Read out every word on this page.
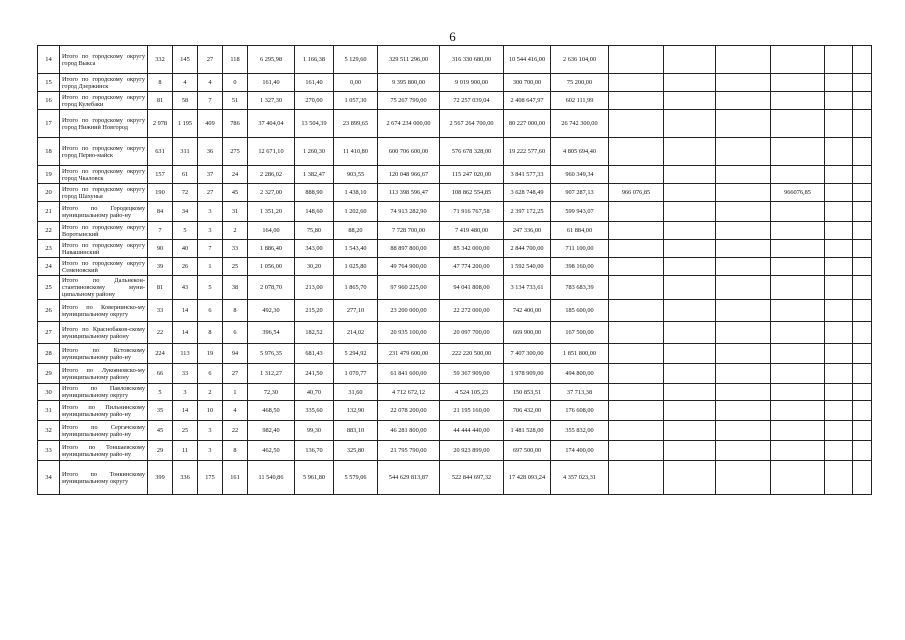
6
14	Итого по городскому округу город Выкса	332	145	27	118	6 295,98	1 166,38	5 129,60	329 511 296,00	316 330 680,00	10 544 416,00	2 636 104,00						
15	Итого по городскому округу город Дзержинск	8	4	4	0	161,40	161,40	0,00	9 395 800,00	9 019 900,00	300 700,00	75 200,00						
16	Итого по городскому округу город Кулебаки	81	58	7	51	1 327,30	270,00	1 057,30	75 267 799,00	72 257 039,04	2 408 647,97	602 111,99						
17	Итого по городскому округу город Нижний Новгород	2 978	1 195	409	786	37 404,04	13 504,39	23 899,65	2 674 234 000,00	2 567 264 700,00	80 227 000,00	26 742 300,00						
18	Итого по городскому округу город Перво-майск	631	311	36	275	12 671,10	1 260,30	11 410,80	600 706 600,00	576 678 328,00	19 222 577,60	4 805 694,40						
19	Итого по городскому округу город Чкаловск	157	61	37	24	2 286,02	1 382,47	903,55	120 048 966,67	115 247 020,00	3 841 577,33	960 349,34						
20	Итого по городскому округу город Шахунья	190	72	27	45	2 327,00	888,90	1 438,10	113 398 596,47	108 862 554,85	3 628 748,49	907 287,13	966 076,85			966076,85		
21	Итого по Городецкому муниципальному райо-ну	84	34	3	31	1 351,20	148,60	1 202,60	74 913 282,90	71 916 767,58	2 397 172,25	599 943,07						
22	Итого по городскому округу Воротынский	7	5	3	2	164,00	75,80	88,20	7 728 700,00	7 419 480,00	247 336,00	61 884,00						
23	Итого по городскому округу Навашинский	90	40	7	33	1 886,40	343,00	1 543,40	88 897 800,00	85 342 000,00	2 844 700,00	711 100,00						
24	Итого по городскому округу Семеновский	39	26	1	25	1 056,00	30,20	1 025,80	49 764 900,00	47 774 200,00	1 592 540,00	398 160,00						
25	Итого по Дальнекон-стантиновскому муни-ципальному району	81	43	5	38	2 078,70	213,00	1 865,70	97 960 225,00	94 041 808,00	3 134 733,61	783 683,39						
26	Итого по Ковернинско-му муниципальному округу	33	14	6	8	492,30	215,20	277,10	23 200 000,00	22 272 000,00	742 400,00	185 600,00						
27	Итого по Краснобаков-скому муниципальному району	22	14	8	6	396,54	182,52	214,02	20 935 100,00	20 097 700,00	669 900,00	167 500,00						
28	Итого по Кстовскому муниципальному райо-ну	224	113	19	94	5 976,35	681,43	5 294,92	231 479 600,00	222 220 500,00	7 407 300,00	1 851 800,00						
29	Итого по Лукояновско-му муниципальному району	66	33	6	27	1 312,27	241,50	1 070,77	61 841 600,00	59 367 909,00	1 978 909,00	494 800,00						
30	Итого по Павловскому муниципальному округу	5	3	2	1	72,30	40,70	31,60	4 712 672,12	4 524 105,23	150 853,51	37 713,38						
31	Итого по Пильнинскому муниципальному райо-ну	35	14	10	4	468,50	335,60	132,90	22 078 200,00	21 195 160,00	706 432,00	176 608,00						
32	Итого по Сергачскому муниципальному райо-ну	45	25	3	22	982,40	99,30	883,10	46 281 800,00	44 444 440,00	1 481 528,00	355 832,00						
33	Итого по Тоншаевскому муниципальному райо-ну	29	11	3	8	462,50	136,70	325,80	21 795 790,00	20 923 899,00	697 500,00	174 400,00						
34	Итого по Тонкинскому муниципальному округу	399	336	175	161	11 540,86	5 961,80	5 579,06	544 629 813,87	522 844 697,32	17 428 093,24	4 357 023,31						
